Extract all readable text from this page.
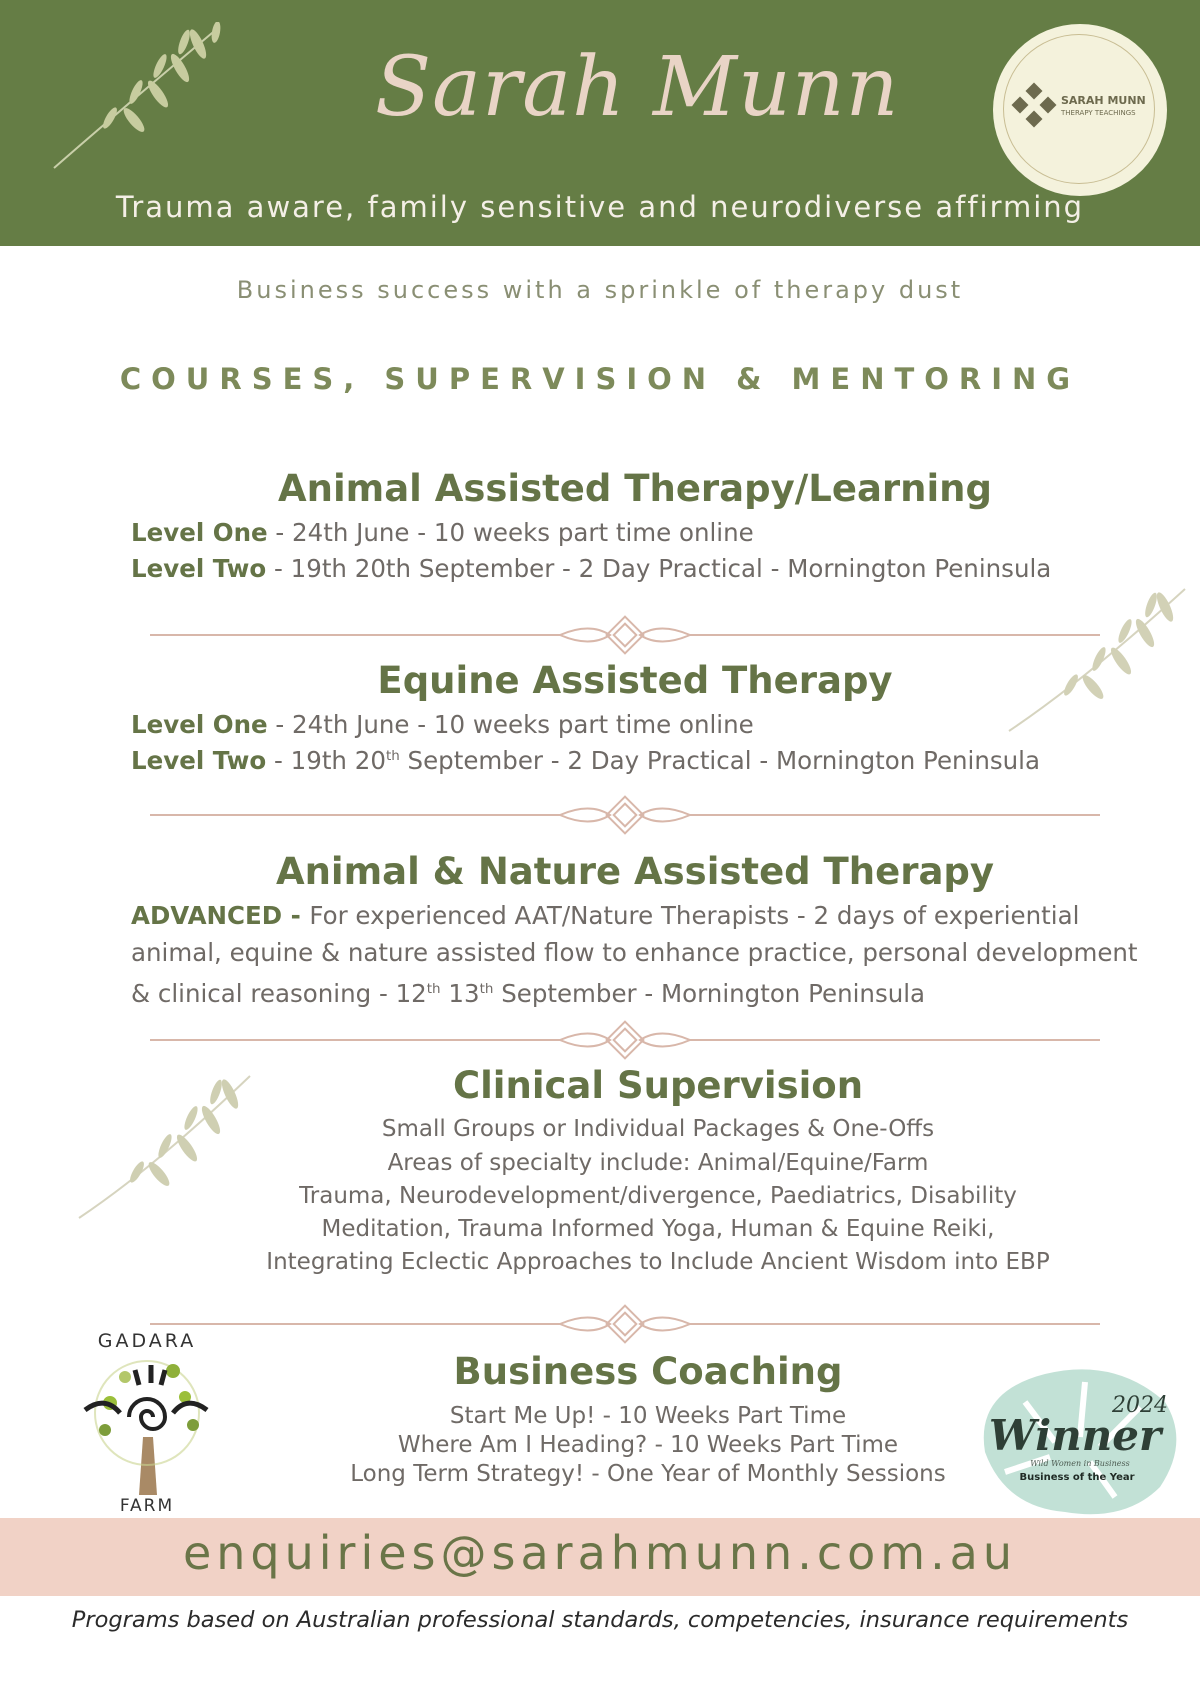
Sarah Munn	SARAH MUNN
THERAPY TEACHINGS
Trauma aware, family sensitive and neurodiverse affirming
Business success with a sprinkle of therapy dust
COURSES, SUPERVISION & MENTORING
Animal Assisted Therapy/Learning
Level One - 24th June - 10 weeks part time online
Level Two - 19th 20th September - 2 Day Practical - Mornington Peninsula
Equine Assisted Therapy
Level One - 24th June - 10 weeks part time online
Level Two - 19th 20th September - 2 Day Practical - Mornington Peninsula
Animal & Nature Assisted Therapy
ADVANCED - For experienced AAT/Nature Therapists - 2 days of experiential animal, equine & nature assisted flow to enhance practice, personal development & clinical reasoning - 12th 13th September - Mornington Peninsula
Clinical Supervision
Small Groups or Individual Packages & One-Offs
Areas of specialty include: Animal/Equine/Farm
Trauma, Neurodevelopment/divergence, Paediatrics, Disability
Meditation, Trauma Informed Yoga, Human & Equine Reiki,
Integrating Eclectic Approaches to Include Ancient Wisdom into EBP
GADARA
FARM
Business Coaching
Start Me Up! - 10 Weeks Part Time
Where Am I Heading? - 10 Weeks Part Time
Long Term Strategy! - One Year of Monthly Sessions
2024
Winner
Wild Women in Business
Business of the Year
enquiries@sarahmunn.com.au
Programs based on Australian professional standards, competencies, insurance requirements
